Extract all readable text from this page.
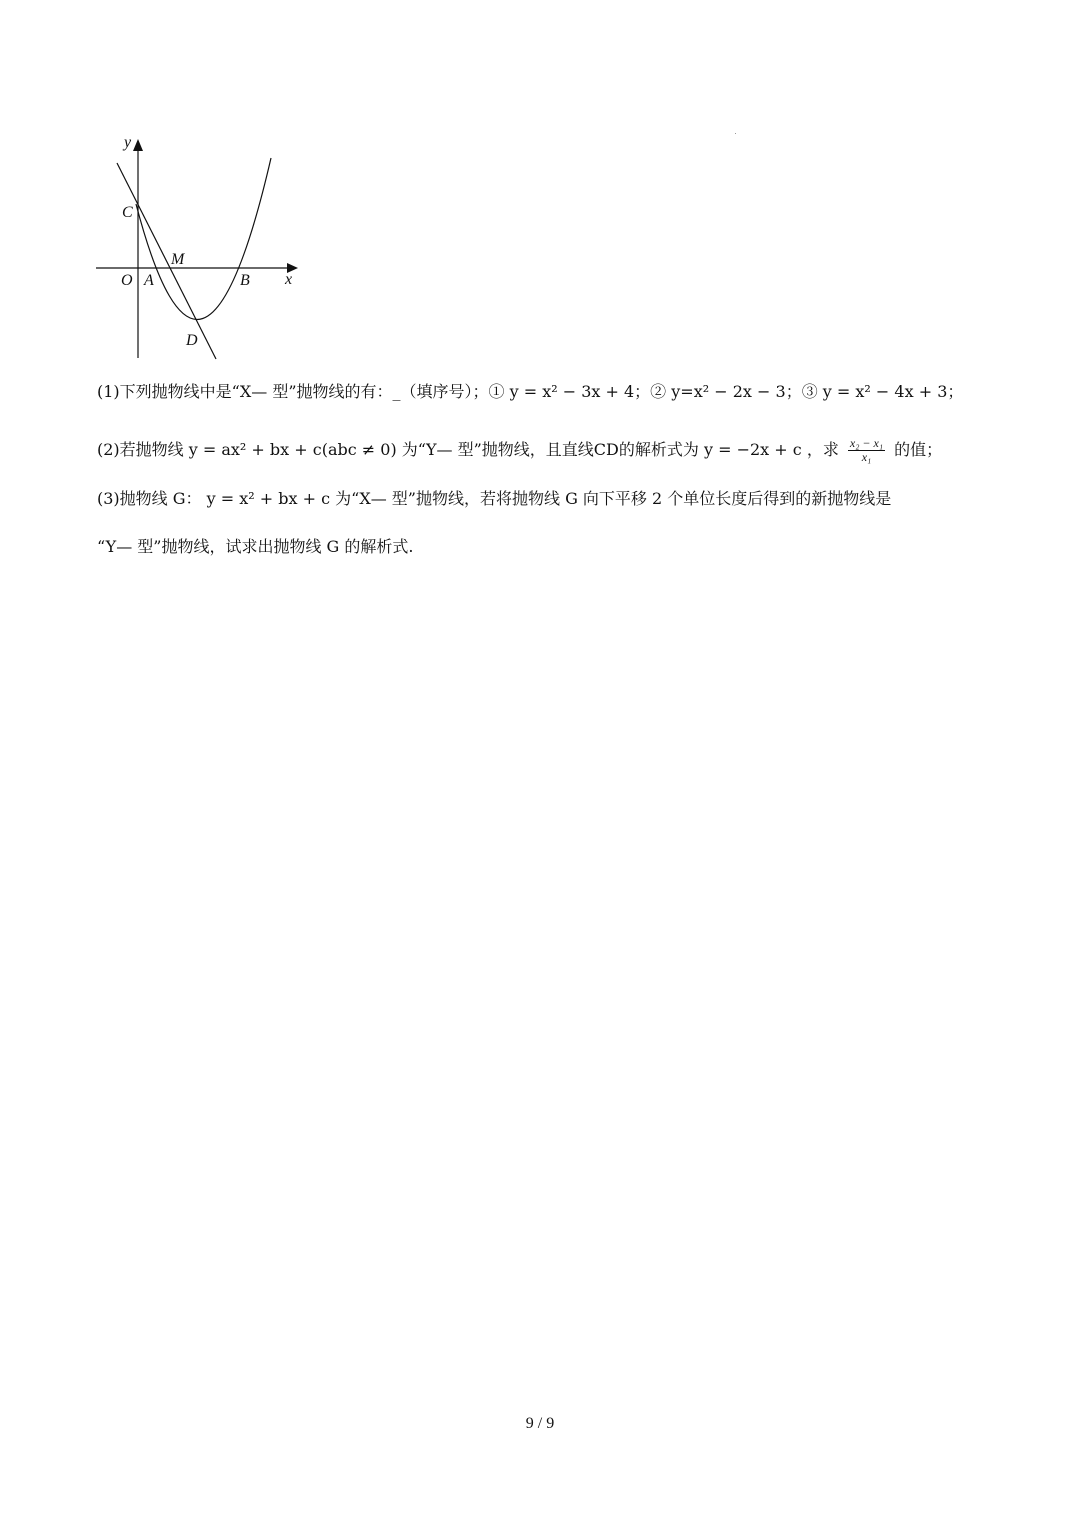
y
x
O A	B
C
D
M
(1)下列抛物线中是“X— 型”抛物线的有：_（填序号）；① y = x² − 3x + 4；② y=x² − 2x − 3；③ y = x² − 4x + 3；
(2)若抛物线 y = ax² + bx + c(abc ≠ 0) 为“Y— 型”抛物线，且直线CD的解析式为 y = −2x + c ，求 $\frac{\text{x₂ − x₁}}{\text{x₁}}$ 的值；
(3)抛物线 G： y = x² + bx + c 为“X— 型”抛物线，若将抛物线 G 向下平移 2 个单位长度后得到的新抛物线是
“Y— 型”抛物线，试求出抛物线 G 的解析式.
9 / 9
